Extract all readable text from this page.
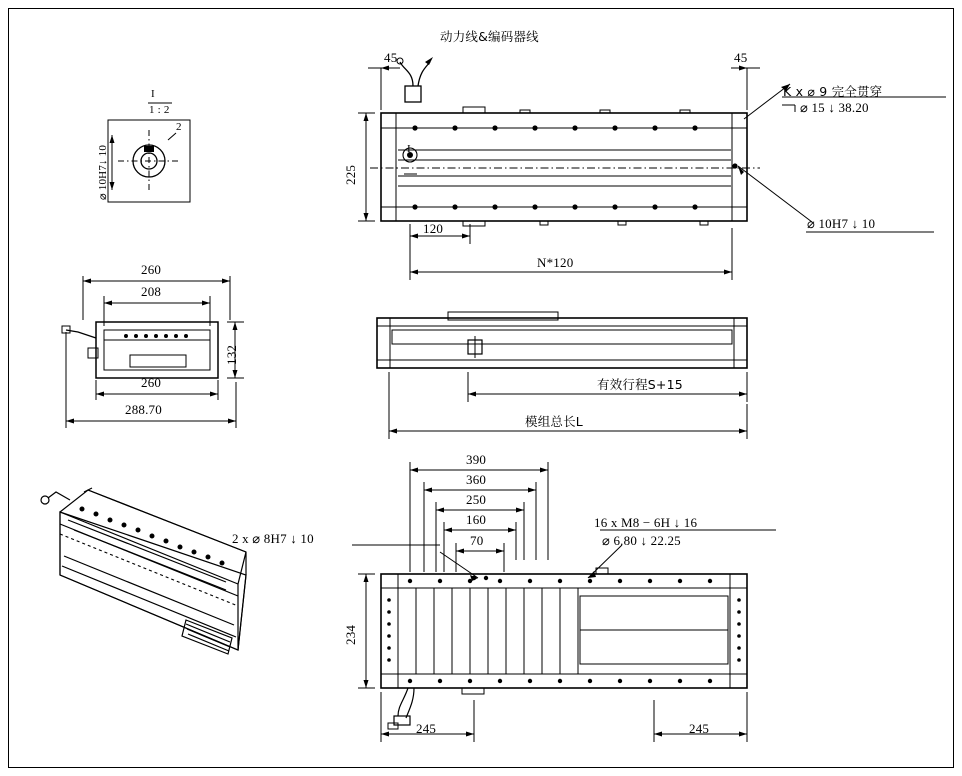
I
1 : 2
⌀ 10H7↓ 10
2
动力线&编码器线
45	45
225
120
N*120
K x ⌀ 9 完全贯穿
⌀ 15 ↓ 38.20
⌀ 10H7 ↓ 10
I
260
208
132
260
288.70
有效行程S+15
模组总长L
390
360
250
160
70
234
245	245
2 x ⌀ 8H7 ↓ 10
16 x M8 − 6H ↓ 16
⌀ 6.80 ↓ 22.25
